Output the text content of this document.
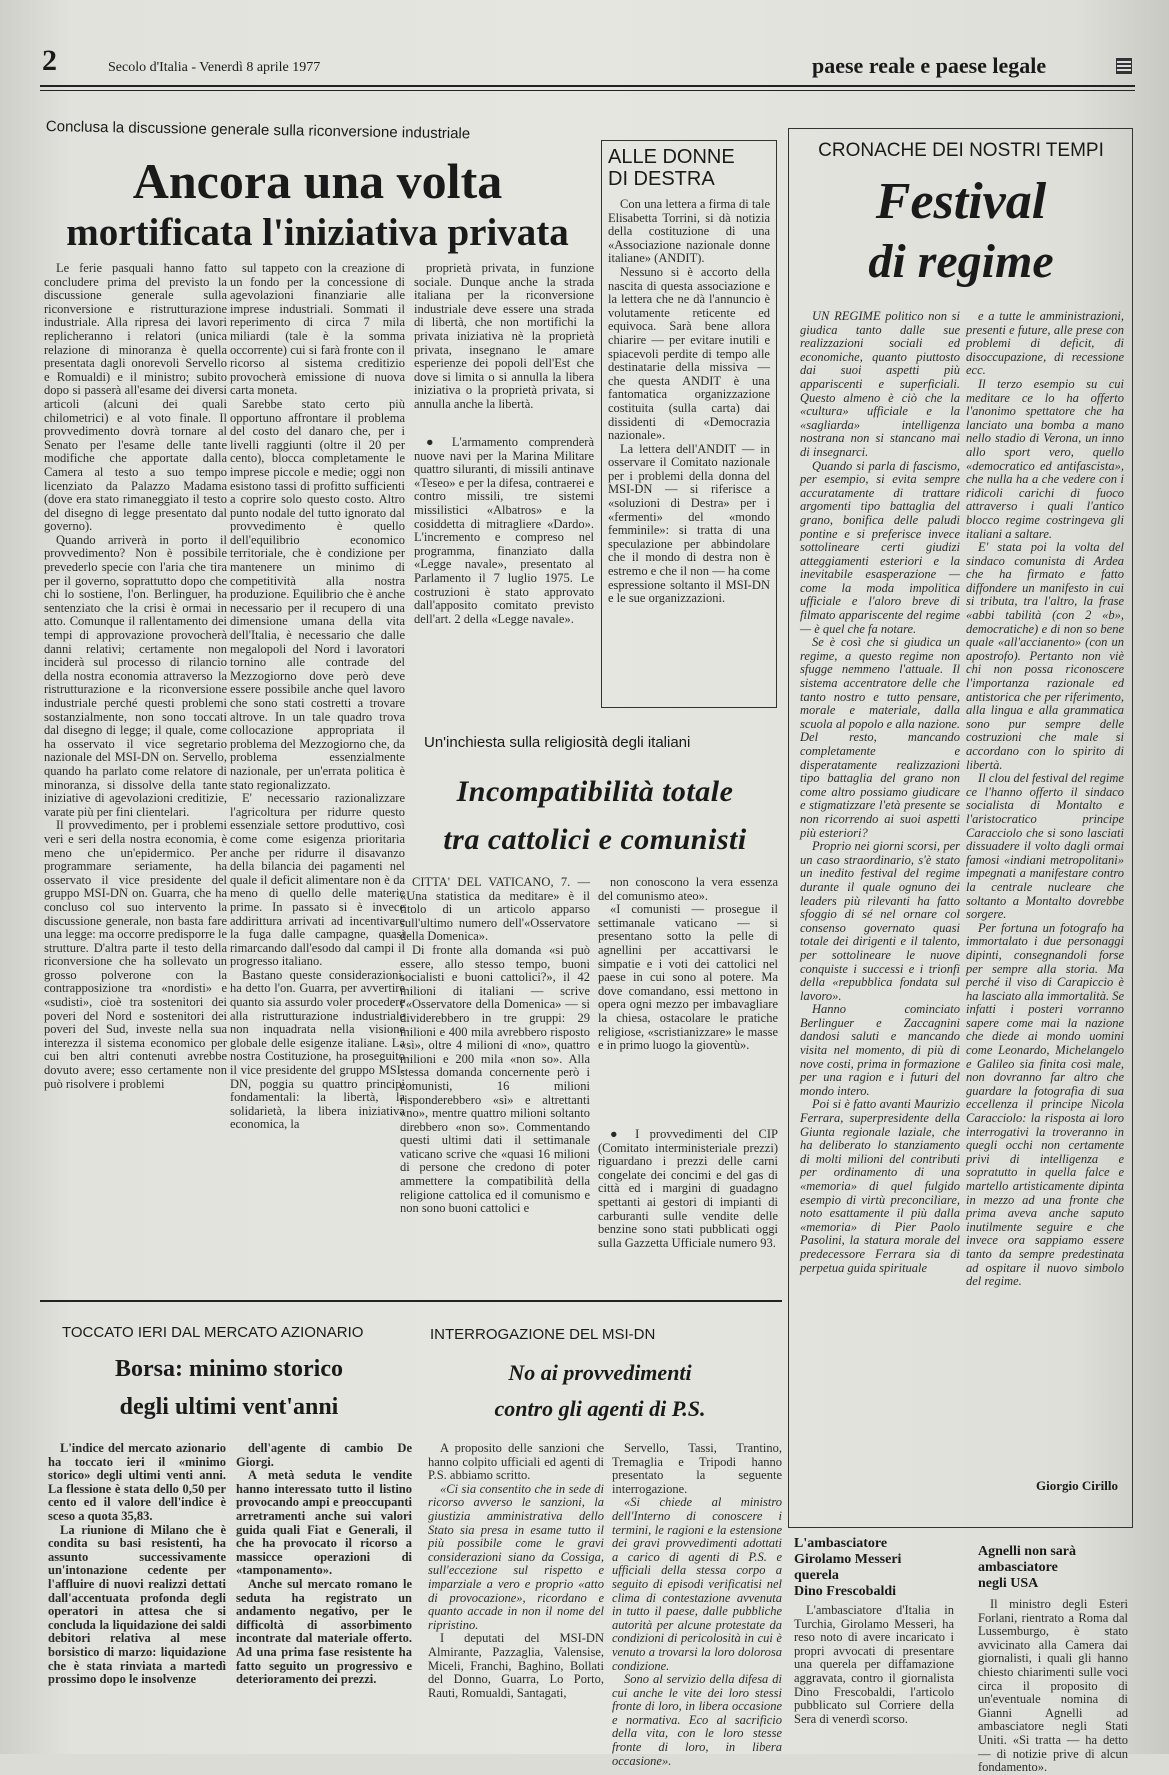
2	Secolo d'Italia - Venerdì 8 aprile 1977	paese reale e paese legale
Conclusa la discussione generale sulla riconversione industriale
Ancora una volta
mortificata l'iniziativa privata

Le ferie pasquali hanno fatto concludere prima del previsto la discussione generale sulla riconversione e ristrutturazione industriale. Alla ripresa dei lavori replicheranno i relatori (unica relazione di minoranza è quella presentata dagli onorevoli Servello e Romualdi) e il ministro; subito dopo si passerà all'esame dei diversi articoli (alcuni dei quali chilometrici) e al voto finale. Il provvedimento dovrà tornare al Senato per l'esame delle tante modifiche che apportate dalla Camera al testo a suo tempo licenziato da Palazzo Madama (dove era stato rimaneggiato il testo del disegno di legge presentato dal governo).

Quando arriverà in porto il provvedimento? Non è possibile prevederlo specie con l'aria che tira per il governo, soprattutto dopo che chi lo sostiene, l'on. Berlinguer, ha sentenziato che la crisi è ormai in atto. Comunque il rallentamento dei tempi di approvazione provocherà danni relativi; certamente non inciderà sul processo di rilancio della nostra economia attraverso la ristrutturazione e la riconversione industriale perché questi problemi sostanzialmente, non sono toccati dal disegno di legge; il quale, come ha osservato il vice segretario nazionale del MSI-DN on. Servello, quando ha parlato come relatore di minoranza, si dissolve della tante iniziative di agevolazioni creditizie, varate più per fini clientelari.

Il provvedimento, per i problemi veri e seri della nostra economia, è meno che un'epidermico. Per programmare seriamente, ha osservato il vice presidente del gruppo MSI-DN on. Guarra, che ha concluso col suo intervento la discussione generale, non basta fare una legge: ma occorre predisporre le strutture. D'altra parte il testo della riconversione che ha sollevato un grosso polverone con la contrapposizione tra «nordisti» e «sudisti», cioè tra sostenitori dei poveri del Nord e sostenitori dei poveri del Sud, investe nella sua interezza il sistema economico per cui ben altri contenuti avrebbe dovuto avere; esso certamente non può risolvere i problemi

sul tappeto con la creazione di un fondo per la concessione di agevolazioni finanziarie alle imprese industriali. Sommati il reperimento di circa 7 mila miliardi (tale è la somma occorrente) cui si farà fronte con il ricorso al sistema creditizio provocherà emissione di nuova carta moneta.

Sarebbe stato certo più opportuno affrontare il problema del costo del danaro che, per i livelli raggiunti (oltre il 20 per cento), blocca completamente le imprese piccole e medie; oggi non esistono tassi di profitto sufficienti a coprire solo questo costo. Altro punto nodale del tutto ignorato dal provvedimento è quello dell'equilibrio economico territoriale, che è condizione per mantenere un minimo di competitività alla nostra produzione. Equilibrio che è anche necessario per il recupero di una dimensione umana della vita dell'Italia, è necessario che dalle megalopoli del Nord i lavoratori tornino alle contrade del Mezzogiorno dove però deve essere possibile anche quel lavoro che sono stati costretti a trovare altrove. In un tale quadro trova collocazione appropriata il problema del Mezzogiorno che, da problema essenzialmente nazionale, per un'errata politica è stato regionalizzato.

E' necessario razionalizzare l'agricoltura per ridurre questo essenziale settore produttivo, così come come esigenza prioritaria anche per ridurre il disavanzo della bilancia dei pagamenti nel quale il deficit alimentare non è da meno di quello delle materie prime. In passato si è invece addirittura arrivati ad incentivare la fuga dalle campagne, quasi rimarcando dall'esodo dal campi il progresso italiano.

Bastano queste considerazioni, ha detto l'on. Guarra, per avvertire quanto sia assurdo voler procedere alla ristrutturazione industriale non inquadrata nella visione globale delle esigenze italiane. La nostra Costituzione, ha proseguito il vice presidente del gruppo MSI-DN, poggia su quattro principi fondamentali: la libertà, la solidarietà, la libera iniziativa economica, la

proprietà privata, in funzione sociale. Dunque anche la strada italiana per la riconversione industriale deve essere una strada di libertà, che non mortifichi la privata iniziativa nè la proprietà privata, insegnano le amare esperienze dei popoli dell'Est che dove si limita o si annulla la libera iniziativa o la proprietà privata, si annulla anche la libertà.

● L'armamento comprenderà nuove navi per la Marina Militare quattro siluranti, di missili antinave «Teseo» e per la difesa, contraerei e contro missili, tre sistemi missilistici «Albatros» e la cosiddetta di mitragliere «Dardo». L'incremento e compreso nel programma, finanziato dalla «Legge navale», presentato al Parlamento il 7 luglio 1975. Le costruzioni è stato approvato dall'apposito comitato previsto dell'art. 2 della «Legge navale».

ALLE DONNE
DI DESTRA

Con una lettera a firma di tale Elisabetta Torrini, si dà notizia della costituzione di una «Associazione nazionale donne italiane» (ANDIT).

Nessuno si è accorto della nascita di questa associazione e la lettera che ne dà l'annuncio è volutamente reticente ed equivoca. Sarà bene allora chiarire — per evitare inutili e spiacevoli perdite di tempo alle destinatarie della missiva — che questa ANDIT è una fantomatica organizzazione costituita (sulla carta) dai dissidenti di «Democrazia nazionale».

La lettera dell'ANDIT — in osservare il Comitato nazionale per i problemi della donna del MSI-DN — si riferisce a «soluzioni di Destra» per i «fermenti» del «mondo femminile»: si tratta di una speculazione per abbindolare che il mondo di destra non è estremo e che il non — ha come espressione soltanto il MSI-DN e le sue organizzazioni.

CRONACHE DEI NOSTRI TEMPI
Festival
di regime

UN REGIME politico non si giudica tanto dalle sue realizzazioni sociali ed economiche, quanto piuttosto dai suoi aspetti più appariscenti e superficiali. Questo almeno è ciò che la «cultura» ufficiale e la «sagliarda» intelligenza nostrana non si stancano mai di insegnarci.

Quando si parla di fascismo, per esempio, si evita sempre accuratamente di trattare argomenti tipo battaglia del grano, bonifica delle paludi pontine e si preferisce invece sottolineare certi giudizi atteggiamenti esteriori e la inevitabile esasperazione — come la moda impolitica ufficiale e l'aloro breve di filmato appariscente del regime — è quel che fa notare.

Se è così che si giudica un regime, a questo regime non sfugge nemmeno l'attuale. Il sistema accentratore delle che tanto nostro e tutto pensare, morale e materiale, dalla scuola al popolo e alla nazione. Del resto, mancando completamente e disperatamente realizzazioni tipo battaglia del grano non come altro possiamo giudicare e stigmatizzare l'età presente se non ricorrendo ai suoi aspetti più esteriori?

Proprio nei giorni scorsi, per un caso straordinario, s'è stato un inedito festival del regime durante il quale ognuno dei leaders più rilevanti ha fatto sfoggio di sé nel ornare col consenso governato quasi totale dei dirigenti e il talento, per sottolineare le nuove conquiste i successi e i trionfi della «repubblica fondata sul lavoro».

Hanno cominciato Berlinguer e Zaccagnini dandosi saluti e mancando visita nel momento, di più di nove costi, prima in formazione per una ragion e i futuri del mondo intero.

Poi si è fatto avanti Maurizio Ferrara, superpresidente della Giunta regionale laziale, che ha deliberato lo stanziamento di molti milioni del contributi per ordinamento di una «memoria» di quel fulgido esempio di virtù preconciliare, noto esattamente il più dalla «memoria» di Pier Paolo Pasolini, la statura morale del predecessore Ferrara sia di perpetua guida spirituale

e a tutte le amministrazioni, presenti e future, alle prese con problemi di deficit, di disoccupazione, di recessione ecc.

Il terzo esempio su cui meditare ce lo ha offerto l'anonimo spettatore che ha lanciato una bomba a mano nello stadio di Verona, un inno allo sport vero, quello «democratico ed antifascista», che nulla ha a che vedere con i ridicoli carichi di fuoco attraverso i quali l'antico blocco regime costringeva gli italiani a saltare.

E' stata poi la volta del sindaco comunista di Ardea che ha firmato e fatto diffondere un manifesto in cui si tributa, tra l'altro, la frase «abbi tabilità (con 2 «b», democratiche) e di non so bene quale «all'accianento» (con un apostrofo). Pertanto non viè chi non possa riconoscere l'importanza razionale ed antistorica che per riferimento, alla lingua e alla grammatica sono pur sempre delle costruzioni che male si accordano con lo spirito di libertà.

Il clou del festival del regime ce l'hanno offerto il sindaco socialista di Montalto e l'aristocratico principe Caracciolo che si sono lasciati dissuadere il volto dagli ormai famosi «indiani metropolitani» impegnati a manifestare contro la centrale nucleare che soltanto a Montalto dovrebbe sorgere.

Per fortuna un fotografo ha immortalato i due personaggi dipinti, consegnandoli forse per sempre alla storia. Ma perché il viso di Carapiccio è ha lasciato alla immortalità. Se infatti i posteri vorranno sapere come mai la nazione che diede ai mondo uomini come Leonardo, Michelangelo e Galileo sia finita così male, non dovranno far altro che guardare la fotografia di sua eccellenza il principe Nicola Caracciolo: la risposta ai loro interrogativi la troveranno in quegli occhi non certamente privi di intelligenza e sopratutto in quella falce e martello artisticamente dipinta in mezzo ad una fronte che prima aveva anche saputo inutilmente seguire e che invece ora sappiamo essere tanto da sempre predestinata ad ospitare il nuovo simbolo del regime.

Giorgio Cirillo
Un'inchiesta sulla religiosità degli italiani
Incompatibilità totale
tra cattolici e comunisti

CITTA' DEL VATICANO, 7. — «Una statistica da meditare» è il titolo di un articolo apparso sull'ultimo numero dell'«Osservatore della Domenica».

Di fronte alla domanda «si può essere, allo stesso tempo, buoni socialisti e buoni cattolici?», il 42 milioni di italiani — scrive l'«Osservatore della Domenica» — si dividerebbero in tre gruppi: 29 milioni e 400 mila avrebbero risposto «sì», oltre 4 milioni di «no», quattro milioni e 200 mila «non so». Alla stessa domanda concernente però i comunisti, 16 milioni risponderebbero «sì» e altrettanti «no», mentre quattro milioni soltanto direbbero «non so». Commentando questi ultimi dati il settimanale vaticano scrive che «quasi 16 milioni di persone che credono di poter ammettere la compatibilità della religione cattolica ed il comunismo e non sono buoni cattolici e

non conoscono la vera essenza del comunismo ateo».

«I comunisti — prosegue il settimanale vaticano — si presentano sotto la pelle di agnellini per accattivarsi le simpatie e i voti dei cattolici nel paese in cui sono al potere. Ma dove comandano, essi mettono in opera ogni mezzo per imbavagliare la chiesa, ostacolare le pratiche religiose, «scristianizzare» le masse e in primo luogo la gioventù».

● I provvedimenti del CIP (Comitato interministeriale prezzi) riguardano i prezzi delle carni congelate dei concimi e del gas di città ed i margini di guadagno spettanti ai gestori di impianti di carburanti sulle vendite delle benzine sono stati pubblicati oggi sulla Gazzetta Ufficiale numero 93.

TOCCATO IERI DAL MERCATO AZIONARIO
Borsa: minimo storico
degli ultimi vent'anni

L'indice del mercato azionario ha toccato ieri il «minimo storico» degli ultimi venti anni. La flessione è stata dello 0,50 per cento ed il valore dell'indice è sceso a quota 35,83.

La riunione di Milano che è condita su basi resistenti, ha assunto successivamente un'intonazione cedente per l'affluire di nuovi realizzi dettati dall'accentuata profonda degli operatori in attesa che si concluda la liquidazione dei saldi debitori relativa al mese borsistico di marzo: liquidazione che è stata rinviata a martedì prossimo dopo le insolvenze

dell'agente di cambio De Giorgi.

A metà seduta le vendite hanno interessato tutto il listino provocando ampi e preoccupanti arretramenti anche sui valori guida quali Fiat e Generali, il che ha provocato il ricorso a massicce operazioni di «tamponamento».

Anche sul mercato romano le seduta ha registrato un andamento negativo, per le difficoltà di assorbimento incontrate dal materiale offerto. Ad una prima fase resistente ha fatto seguito un progressivo e deterioramento dei prezzi.

INTERROGAZIONE DEL MSI-DN
No ai provvedimenti
contro gli agenti di P.S.

A proposito delle sanzioni che hanno colpito ufficiali ed agenti di P.S. abbiamo scritto.

«Ci sia consentito che in sede di ricorso avverso le sanzioni, la giustizia amministrativa dello Stato sia presa in esame tutto il più possibile come le gravi considerazioni siano da Cossiga, sull'eccezione sul rispetto e imparziale a vero e proprio «atto di provocazione», ricordano e quanto accade in non il nome del ripristino.

I deputati del MSI-DN Almirante, Pazzaglia, Valensise, Miceli, Franchi, Baghino, Bollati del Donno, Guarra, Lo Porto, Rauti, Romualdi, Santagati,

Servello, Tassi, Trantino, Tremaglia e Tripodi hanno presentato la seguente interrogazione.

«Si chiede al ministro dell'Interno di conoscere i termini, le ragioni e la estensione dei gravi provvedimenti adottati a carico di agenti di P.S. e ufficiali della stessa corpo a seguito di episodi verificatisi nel clima di contestazione avvenuta in tutto il paese, dalle pubbliche autorità per alcune protestate da condizioni di pericolosità in cui è venuto a trovarsi la loro dolorosa condizione.

Sono al servizio della difesa di cui anche le vite dei loro stessi fronte di loro, in libera occasione e normativa. Eco al sacrificio della vita, con le loro stesse fronte di loro, in libera occasione».

L'ambasciatore
Girolamo Messeri
querela
Dino Frescobaldi

L'ambasciatore d'Italia in Turchia, Girolamo Messeri, ha reso noto di avere incaricato i propri avvocati di presentare una querela per diffamazione aggravata, contro il giornalista Dino Frescobaldi, l'articolo pubblicato sul Corriere della Sera di venerdì scorso.

Agnelli non sarà
ambasciatore
negli USA

Il ministro degli Esteri Forlani, rientrato a Roma dal Lussemburgo, è stato avvicinato alla Camera dai giornalisti, i quali gli hanno chiesto chiarimenti sulle voci circa il proposito di un'eventuale nomina di Gianni Agnelli ad ambasciatore negli Stati Uniti. «Si tratta — ha detto — di notizie prive di alcun fondamento».
